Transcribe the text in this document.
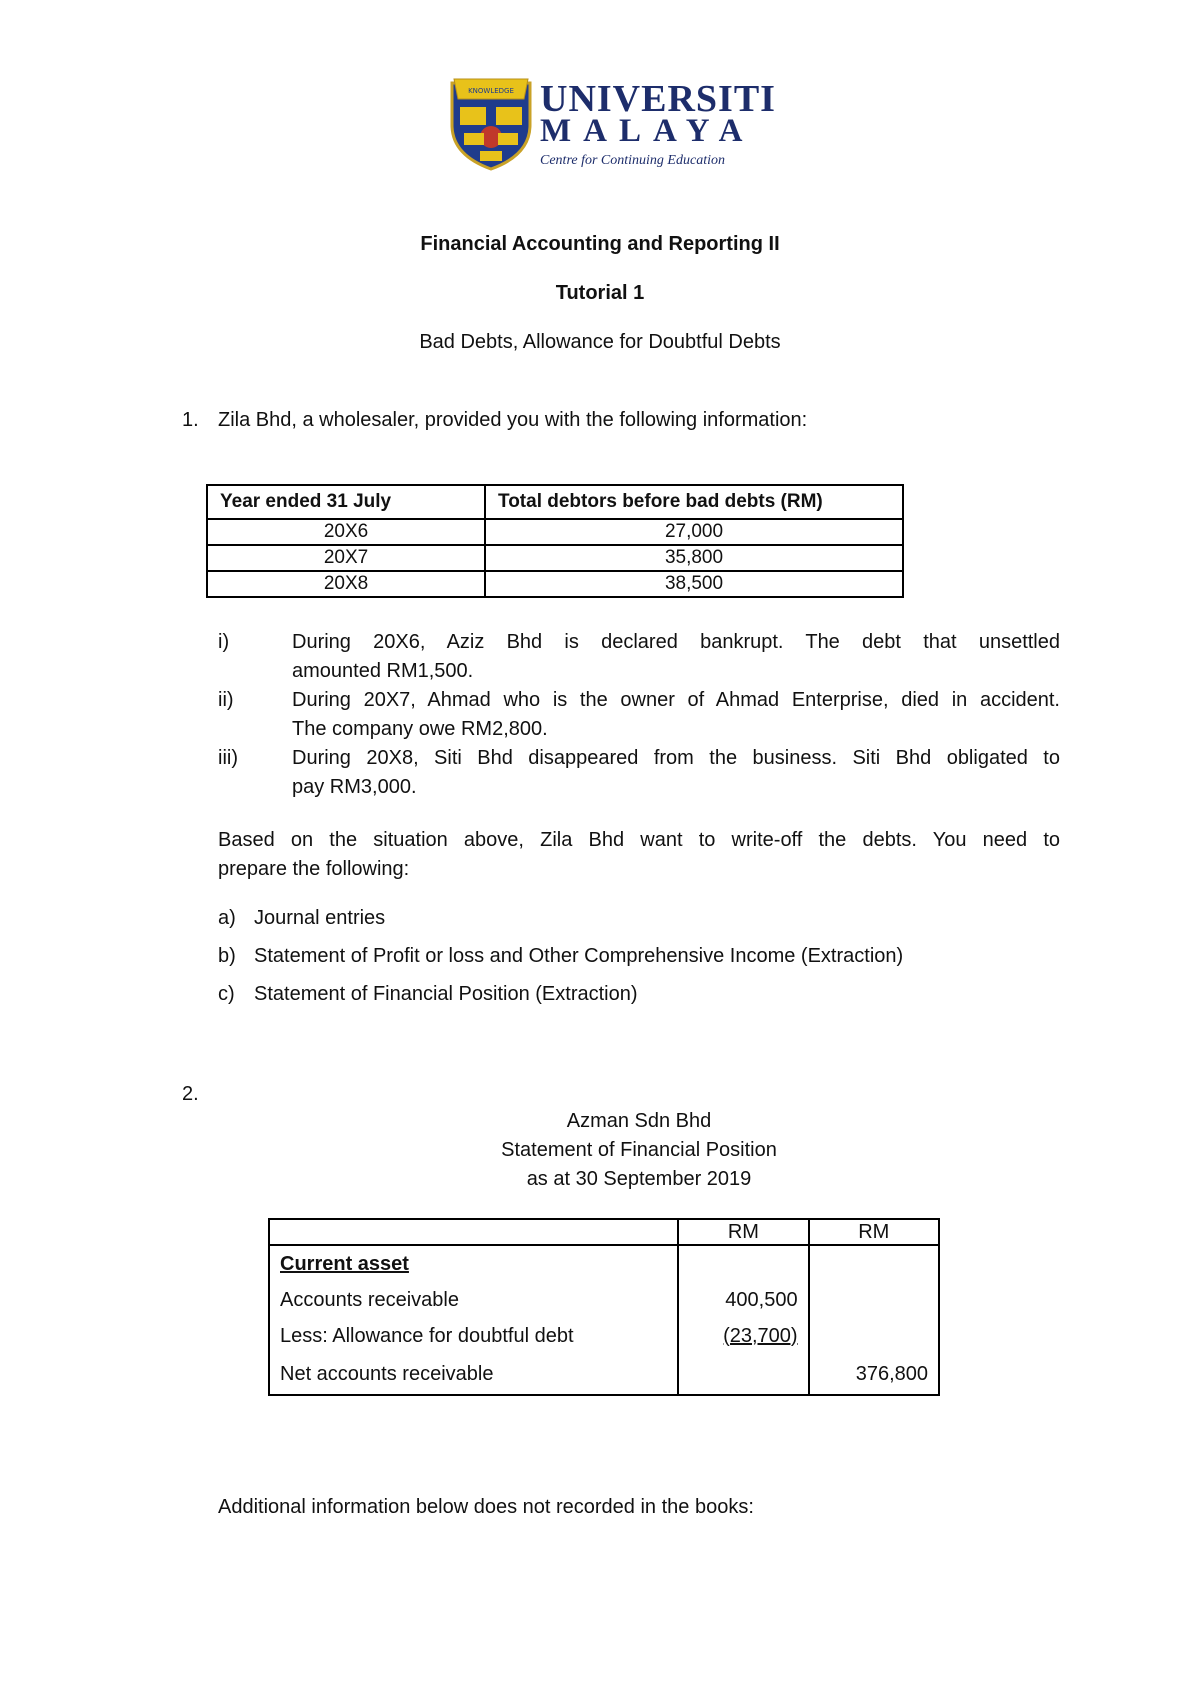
KNOWLEDGE UNIVERSITI
MALAYA
Centre for Continuing Education
Financial Accounting and Reporting II
Tutorial 1
Bad Debts, Allowance for Doubtful Debts
1. Zila Bhd, a wholesaler, provided you with the following information:
Year ended 31 July	Total debtors before bad debts (RM)
20X6	27,000
20X7	35,800
20X8	38,500
i)	During 20X6, Aziz Bhd is declared bankrupt. The debt that unsettled
amounted RM1,500.
ii)	During 20X7, Ahmad who is the owner of Ahmad Enterprise, died in accident.
The company owe RM2,800.
iii)	During 20X8, Siti Bhd disappeared from the business. Siti Bhd obligated to
pay RM3,000.
Based on the situation above, Zila Bhd want to write-off the debts. You need to
prepare the following:
a) Journal entries
b) Statement of Profit or loss and Other Comprehensive Income (Extraction)
c) Statement of Financial Position (Extraction)
2.
Azman Sdn Bhd
Statement of Financial Position
as at 30 September 2019
	RM	RM
Current asset		
Accounts receivable	400,500	
Less: Allowance for doubtful debt	(23,700)	
Net accounts receivable		376,800
Additional information below does not recorded in the books:
